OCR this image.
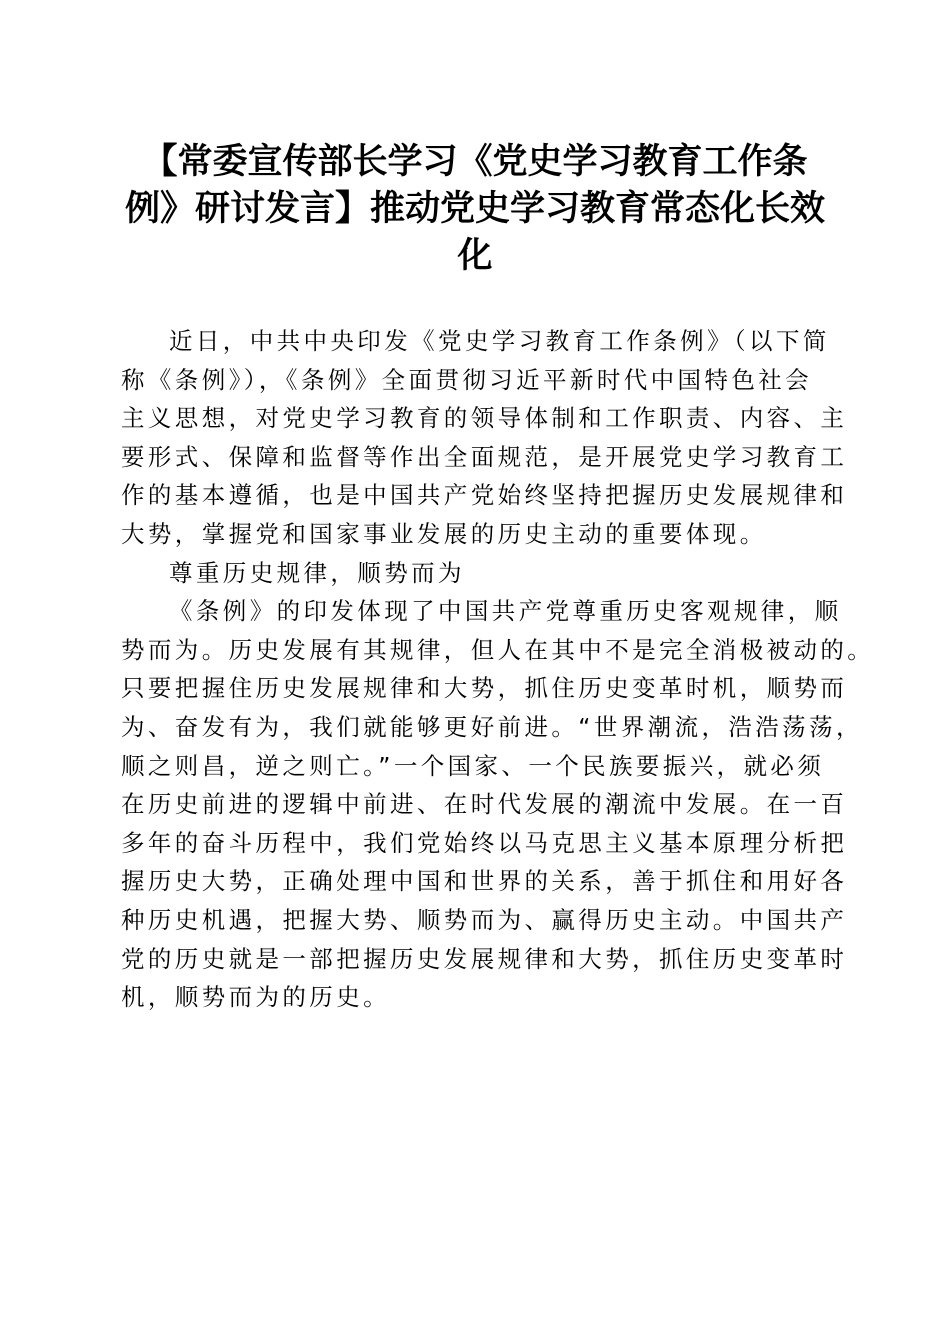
【常委宣传部长学习《党史学习教育工作条
例》研讨发言】推动党史学习教育常态化长效
化
近日，中共中央印发《党史学习教育工作条例》（以下简
称《条例》），《条例》全面贯彻习近平新时代中国特色社会
主义思想，对党史学习教育的领导体制和工作职责、内容、主
要形式、保障和监督等作出全面规范，是开展党史学习教育工
作的基本遵循，也是中国共产党始终坚持把握历史发展规律和
大势，掌握党和国家事业发展的历史主动的重要体现。
尊重历史规律，顺势而为
《条例》的印发体现了中国共产党尊重历史客观规律，顺
势而为。历史发展有其规律，但人在其中不是完全消极被动的。
只要把握住历史发展规律和大势，抓住历史变革时机，顺势而
为、奋发有为，我们就能够更好前进。“世界潮流，浩浩荡荡，
顺之则昌，逆之则亡。”一个国家、一个民族要振兴，就必须
在历史前进的逻辑中前进、在时代发展的潮流中发展。在一百
多年的奋斗历程中，我们党始终以马克思主义基本原理分析把
握历史大势，正确处理中国和世界的关系，善于抓住和用好各
种历史机遇，把握大势、顺势而为、赢得历史主动。中国共产
党的历史就是一部把握历史发展规律和大势，抓住历史变革时
机，顺势而为的历史。
